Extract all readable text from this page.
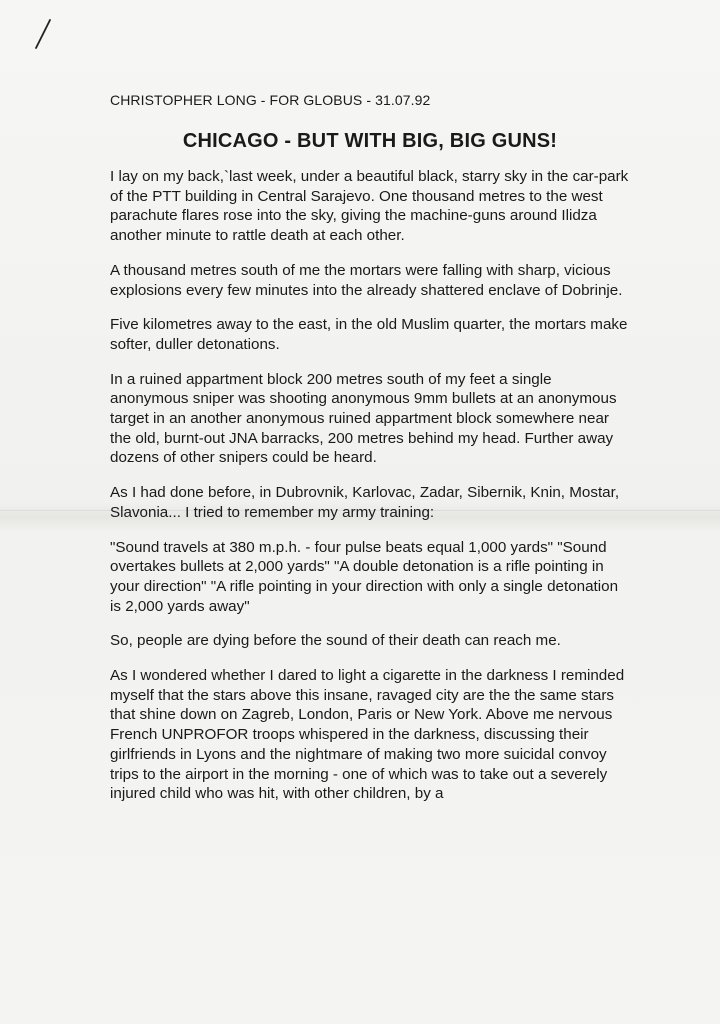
CHRISTOPHER LONG - FOR GLOBUS - 31.07.92
CHICAGO - BUT WITH BIG, BIG GUNS!

I lay on my back,`last week, under a beautiful black, starry sky in the car-park of the PTT building in Central Sarajevo. One thousand metres to the west parachute flares rose into the sky, giving the machine-guns around Ilidza another minute to rattle death at each other.

A thousand metres south of me the mortars were falling with sharp, vicious explosions every few minutes into the already shattered enclave of Dobrinje.

Five kilometres away to the east, in the old Muslim quarter, the mortars make softer, duller detonations.

In a ruined appartment block 200 metres south of my feet a single anonymous sniper was shooting anonymous 9mm bullets at an anonymous target in an another anonymous ruined appartment block somewhere near the old, burnt-out JNA barracks, 200 metres behind my head. Further away dozens of other snipers could be heard.

As I had done before, in Dubrovnik, Karlovac, Zadar, Sibernik, Knin, Mostar, Slavonia... I tried to remember my army training:

"Sound travels at 380 m.p.h. - four pulse beats equal 1,000 yards" "Sound overtakes bullets at 2,000 yards" "A double detonation is a rifle pointing in your direction" "A rifle pointing in your direction with only a single detonation is 2,000 yards away"

So, people are dying before the sound of their death can reach me.

As I wondered whether I dared to light a cigarette in the darkness I reminded myself that the stars above this insane, ravaged city are the the same stars that shine down on Zagreb, London, Paris or New York. Above me nervous French UNPROFOR troops whispered in the darkness, discussing their girlfriends in Lyons and the nightmare of making two more suicidal convoy trips to the airport in the morning - one of which was to take out a severely injured child who was hit, with other children, by a
